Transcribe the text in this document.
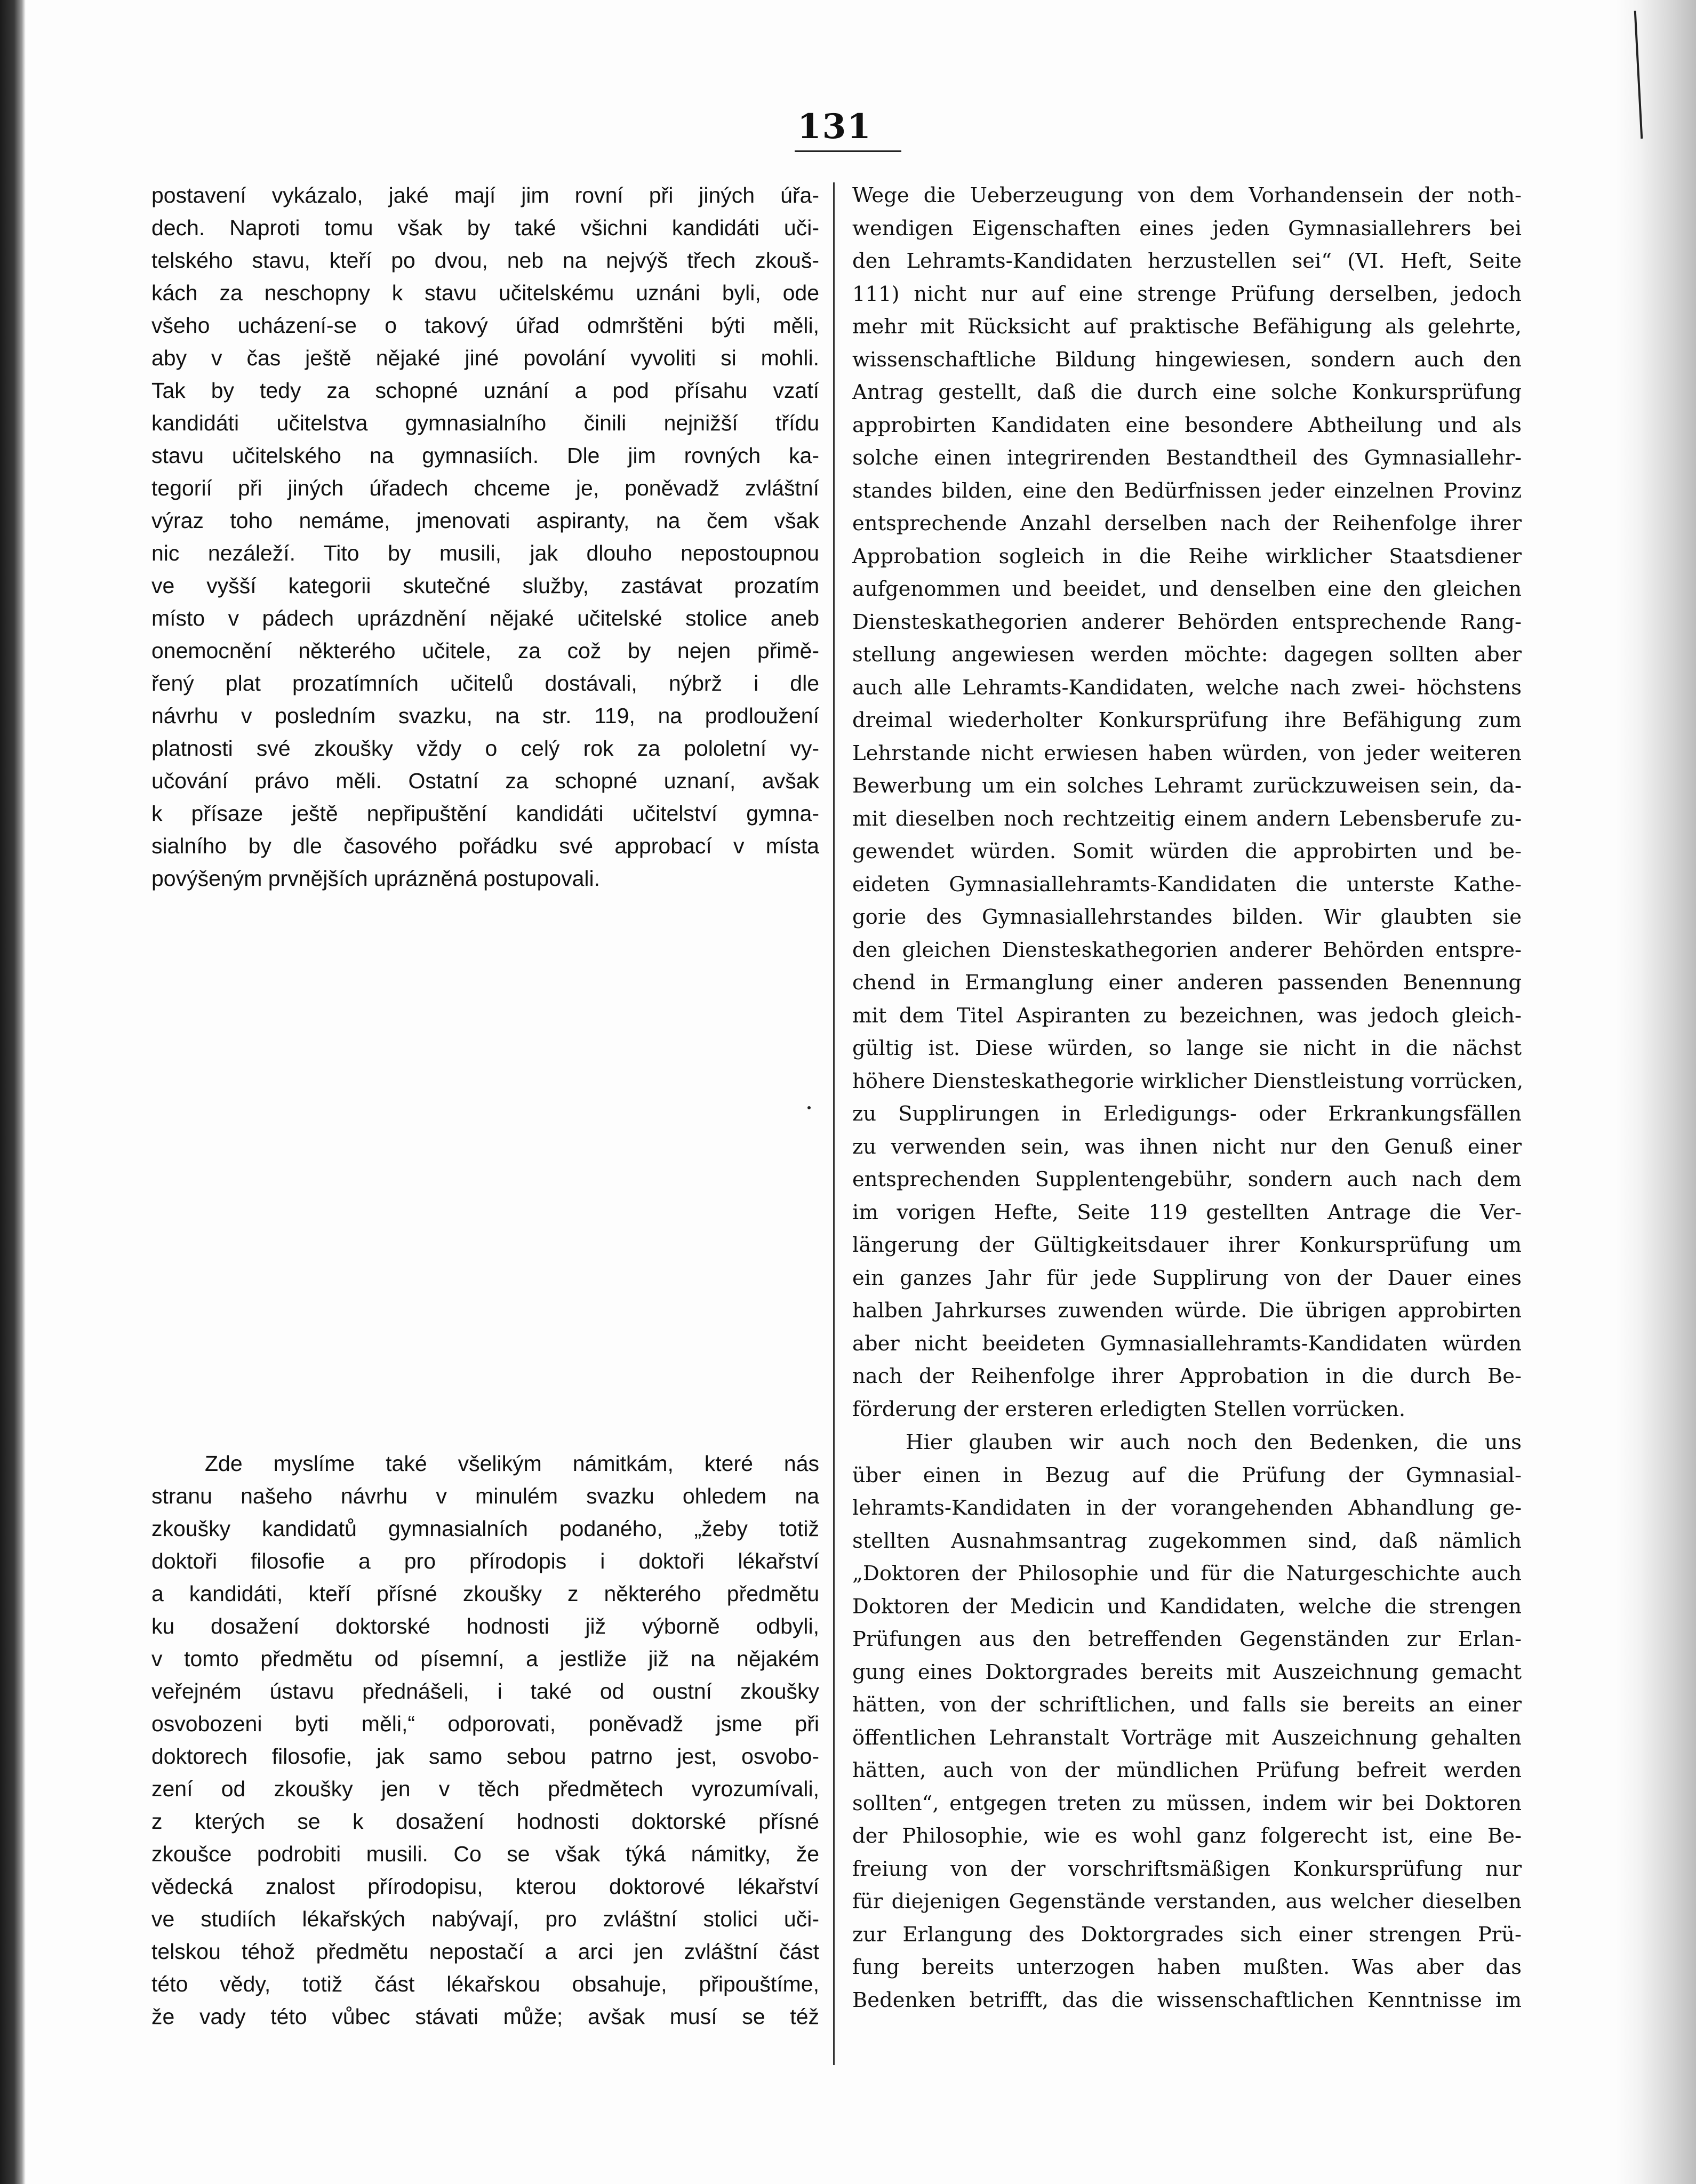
131
postavení vykázalo, jaké mají jim rovní při jiných úřa-
dech. Naproti tomu však by také všichni kandidáti uči-
telského stavu, kteří po dvou, neb na nejvýš třech zkouš-
kách za neschopny k stavu učitelskému uznáni byli, ode
všeho ucházení-se o takový úřad odmrštěni býti měli,
aby v čas ještě nějaké jiné povolání vyvoliti si mohli.
Tak by tedy za schopné uznání a pod přísahu vzatí
kandidáti učitelstva gymnasialního činili nejnižší třídu
stavu učitelského na gymnasiích. Dle jim rovných ka-
tegorií při jiných úřadech chceme je, poněvadž zvláštní
výraz toho nemáme, jmenovati aspiranty, na čem však
nic nezáleží. Tito by musili, jak dlouho nepostoupnou
ve vyšší kategorii skutečné služby, zastávat prozatím
místo v pádech uprázdnění nějaké učitelské stolice aneb
onemocnění některého učitele, za což by nejen přimě-
řený plat prozatímních učitelů dostávali, nýbrž i dle
návrhu v posledním svazku, na str. 119, na prodloužení
platnosti své zkoušky vždy o celý rok za pololetní vy-
učování právo měli. Ostatní za schopné uznaní, avšak
k přísaze ještě nepřipuštění kandidáti učitelství gymna-
sialního by dle časového pořádku své approbací v místa
povýšeným prvnějších uprázněná postupovali.
Zde myslíme také všelikým námitkám, které nás
stranu našeho návrhu v minulém svazku ohledem na
zkoušky kandidatů gymnasialních podaného, „žeby totiž
doktoři filosofie a pro přírodopis i doktoři lékařství
a kandidáti, kteří přísné zkoušky z některého předmětu
ku dosažení doktorské hodnosti již výborně odbyli,
v tomto předmětu od písemní, a jestliže již na nějakém
veřejném ústavu přednášeli, i také od oustní zkoušky
osvobozeni byti měli,“ odporovati, poněvadž jsme při
doktorech filosofie, jak samo sebou patrno jest, osvobo-
zení od zkoušky jen v těch předmětech vyrozumívali,
z kterých se k dosažení hodnosti doktorské přísné
zkoušce podrobiti musili. Co se však týká námitky, že
vědecká znalost přírodopisu, kterou doktorové lékařství
ve studiích lékařských nabývají, pro zvláštní stolici uči-
telskou téhož předmětu nepostačí a arci jen zvláštní část
této vědy, totiž část lékařskou obsahuje, připouštíme,
že vady této vůbec stávati může; avšak musí se též
Wege die Ueberzeugung von dem Vorhandensein der noth-
wendigen Eigenschaften eines jeden Gymnasiallehrers bei
den Lehramts-Kandidaten herzustellen sei“ (VI. Heft, Seite
111) nicht nur auf eine strenge Prüfung derselben, jedoch
mehr mit Rücksicht auf praktische Befähigung als gelehrte,
wissenschaftliche Bildung hingewiesen, sondern auch den
Antrag gestellt, daß die durch eine solche Konkursprüfung
approbirten Kandidaten eine besondere Abtheilung und als
solche einen integrirenden Bestandtheil des Gymnasiallehr-
standes bilden, eine den Bedürfnissen jeder einzelnen Provinz
entsprechende Anzahl derselben nach der Reihenfolge ihrer
Approbation sogleich in die Reihe wirklicher Staatsdiener
aufgenommen und beeidet, und denselben eine den gleichen
Diensteskathegorien anderer Behörden entsprechende Rang-
stellung angewiesen werden möchte: dagegen sollten aber
auch alle Lehramts-Kandidaten, welche nach zwei- höchstens
dreimal wiederholter Konkursprüfung ihre Befähigung zum
Lehrstande nicht erwiesen haben würden, von jeder weiteren
Bewerbung um ein solches Lehramt zurückzuweisen sein, da-
mit dieselben noch rechtzeitig einem andern Lebensberufe zu-
gewendet würden. Somit würden die approbirten und be-
eideten Gymnasiallehramts-Kandidaten die unterste Kathe-
gorie des Gymnasiallehrstandes bilden. Wir glaubten sie
den gleichen Diensteskathegorien anderer Behörden entspre-
chend in Ermanglung einer anderen passenden Benennung
mit dem Titel Aspiranten zu bezeichnen, was jedoch gleich-
gültig ist. Diese würden, so lange sie nicht in die nächst
höhere Diensteskathegorie wirklicher Dienstleistung vorrücken,
zu Supplirungen in Erledigungs- oder Erkrankungsfällen
zu verwenden sein, was ihnen nicht nur den Genuß einer
entsprechenden Supplentengebühr, sondern auch nach dem
im vorigen Hefte, Seite 119 gestellten Antrage die Ver-
längerung der Gültigkeitsdauer ihrer Konkursprüfung um
ein ganzes Jahr für jede Supplirung von der Dauer eines
halben Jahrkurses zuwenden würde. Die übrigen approbirten
aber nicht beeideten Gymnasiallehramts-Kandidaten würden
nach der Reihenfolge ihrer Approbation in die durch Be-
förderung der ersteren erledigten Stellen vorrücken.
Hier glauben wir auch noch den Bedenken, die uns
über einen in Bezug auf die Prüfung der Gymnasial-
lehramts-Kandidaten in der vorangehenden Abhandlung ge-
stellten Ausnahmsantrag zugekommen sind, daß nämlich
„Doktoren der Philosophie und für die Naturgeschichte auch
Doktoren der Medicin und Kandidaten, welche die strengen
Prüfungen aus den betreffenden Gegenständen zur Erlan-
gung eines Doktorgrades bereits mit Auszeichnung gemacht
hätten, von der schriftlichen, und falls sie bereits an einer
öffentlichen Lehranstalt Vorträge mit Auszeichnung gehalten
hätten, auch von der mündlichen Prüfung befreit werden
sollten“, entgegen treten zu müssen, indem wir bei Doktoren
der Philosophie, wie es wohl ganz folgerecht ist, eine Be-
freiung von der vorschriftsmäßigen Konkursprüfung nur
für diejenigen Gegenstände verstanden, aus welcher dieselben
zur Erlangung des Doktorgrades sich einer strengen Prü-
fung bereits unterzogen haben mußten. Was aber das
Bedenken betrifft, das die wissenschaftlichen Kenntnisse im
